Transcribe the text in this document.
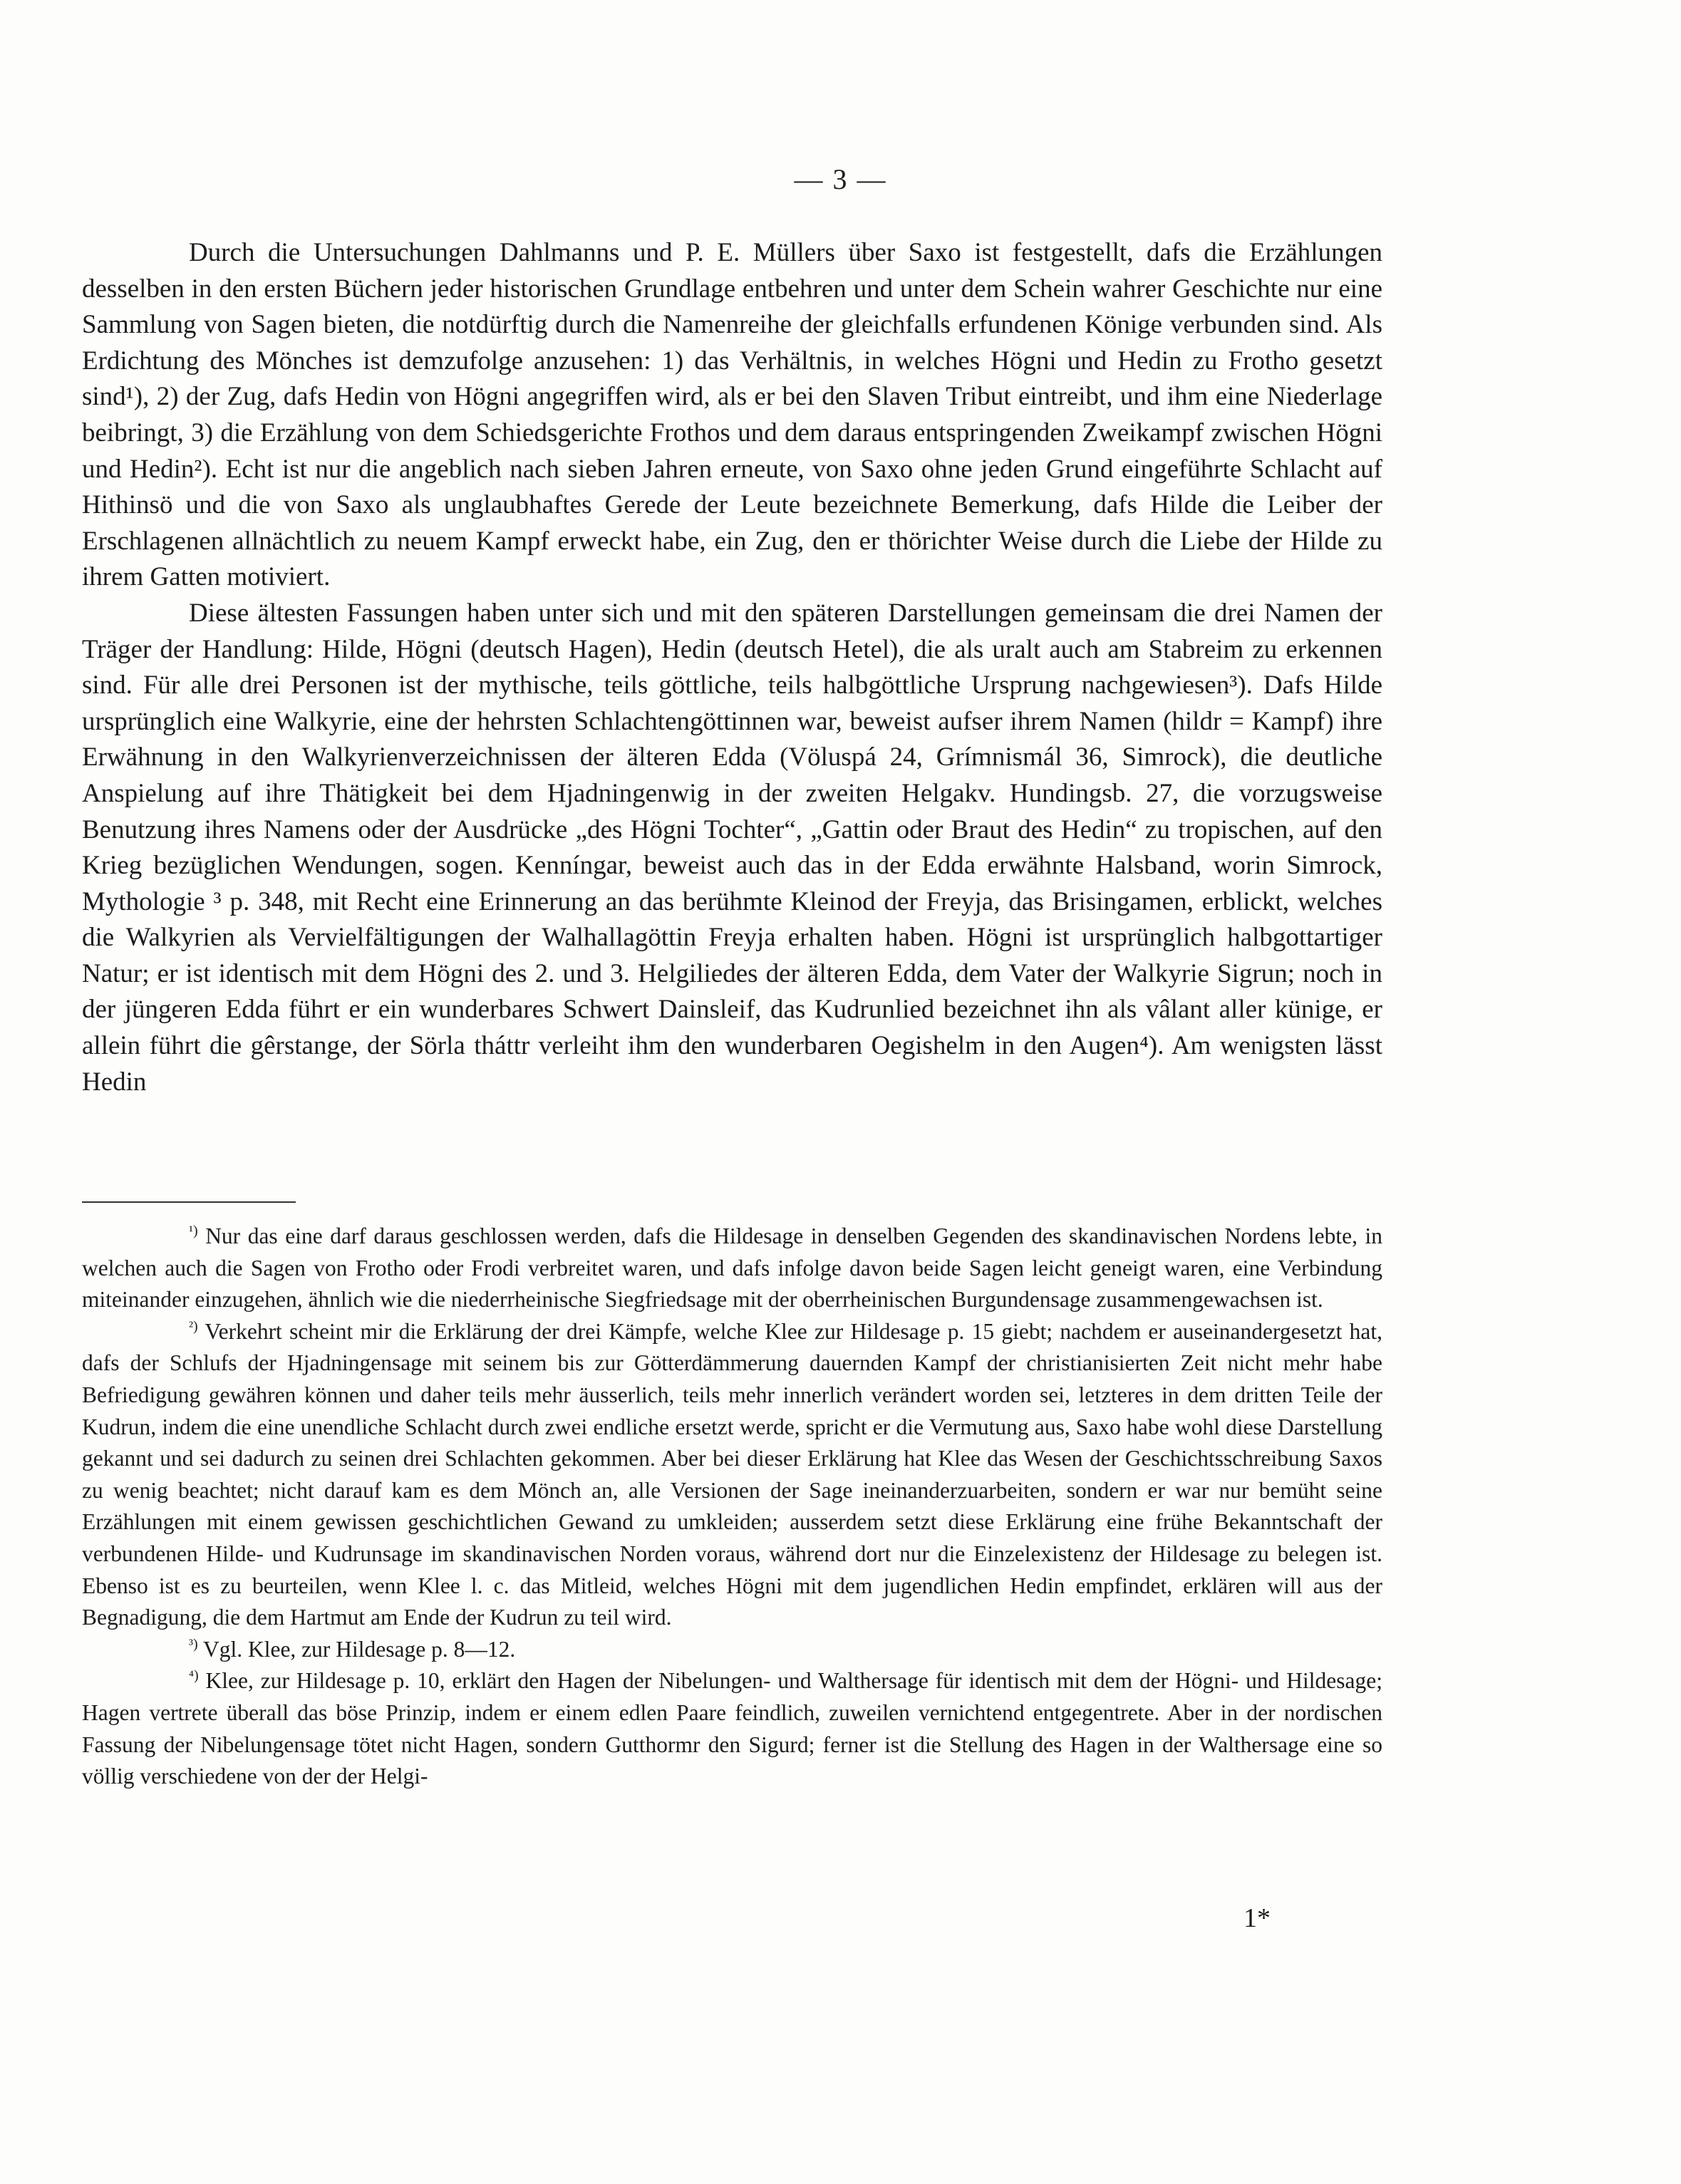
— 3 —

Durch die Untersuchungen Dahlmanns und P. E. Müllers über Saxo ist festgestellt, dafs die Erzählungen desselben in den ersten Büchern jeder historischen Grundlage entbehren und unter dem Schein wahrer Geschichte nur eine Sammlung von Sagen bieten, die notdürftig durch die Namenreihe der gleichfalls erfundenen Könige verbunden sind. Als Erdichtung des Mönches ist demzufolge anzusehen: 1) das Verhältnis, in welches Högni und Hedin zu Frotho gesetzt sind¹), 2) der Zug, dafs Hedin von Högni angegriffen wird, als er bei den Slaven Tribut eintreibt, und ihm eine Niederlage beibringt, 3) die Erzählung von dem Schiedsgerichte Frothos und dem daraus entspringenden Zweikampf zwischen Högni und Hedin²). Echt ist nur die angeblich nach sieben Jahren erneute, von Saxo ohne jeden Grund eingeführte Schlacht auf Hithinsö und die von Saxo als unglaubhaftes Gerede der Leute bezeichnete Bemerkung, dafs Hilde die Leiber der Erschlagenen allnächtlich zu neuem Kampf erweckt habe, ein Zug, den er thörichter Weise durch die Liebe der Hilde zu ihrem Gatten motiviert.

Diese ältesten Fassungen haben unter sich und mit den späteren Darstellungen gemeinsam die drei Namen der Träger der Handlung: Hilde, Högni (deutsch Hagen), Hedin (deutsch Hetel), die als uralt auch am Stabreim zu erkennen sind. Für alle drei Personen ist der mythische, teils göttliche, teils halbgöttliche Ursprung nachgewiesen³). Dafs Hilde ursprünglich eine Walkyrie, eine der hehrsten Schlachtengöttinnen war, beweist aufser ihrem Namen (hildr = Kampf) ihre Erwähnung in den Walkyrienverzeichnissen der älteren Edda (Völuspá 24, Grímnismál 36, Simrock), die deutliche Anspielung auf ihre Thätigkeit bei dem Hjadningenwig in der zweiten Helgakv. Hundingsb. 27, die vorzugsweise Benutzung ihres Namens oder der Ausdrücke „des Högni Tochter“, „Gattin oder Braut des Hedin“ zu tropischen, auf den Krieg bezüglichen Wendungen, sogen. Kenníngar, beweist auch das in der Edda erwähnte Halsband, worin Simrock, Mythologie ³ p. 348, mit Recht eine Erinnerung an das berühmte Kleinod der Freyja, das Brisingamen, erblickt, welches die Walkyrien als Vervielfältigungen der Walhallagöttin Freyja erhalten haben. Högni ist ursprünglich halbgottartiger Natur; er ist identisch mit dem Högni des 2. und 3. Helgiliedes der älteren Edda, dem Vater der Walkyrie Sigrun; noch in der jüngeren Edda führt er ein wunderbares Schwert Dainsleif, das Kudrunlied bezeichnet ihn als vâlant aller künige, er allein führt die gêrstange, der Sörla tháttr verleiht ihm den wunderbaren Oegishelm in den Augen⁴). Am wenigsten lässt Hedin

$^{^1)}$ Nur das eine darf daraus geschlossen werden, dafs die Hildesage in denselben Gegenden des skandinavischen Nordens lebte, in welchen auch die Sagen von Frotho oder Frodi verbreitet waren, und dafs infolge davon beide Sagen leicht geneigt waren, eine Verbindung miteinander einzugehen, ähnlich wie die niederrheinische Siegfriedsage mit der oberrheinischen Burgundensage zusammengewachsen ist.

$^{^2)}$ Verkehrt scheint mir die Erklärung der drei Kämpfe, welche Klee zur Hildesage p. 15 giebt; nachdem er auseinandergesetzt hat, dafs der Schlufs der Hjadningensage mit seinem bis zur Götterdämmerung dauernden Kampf der christianisierten Zeit nicht mehr habe Befriedigung gewähren können und daher teils mehr äusserlich, teils mehr innerlich verändert worden sei, letzteres in dem dritten Teile der Kudrun, indem die eine unendliche Schlacht durch zwei endliche ersetzt werde, spricht er die Vermutung aus, Saxo habe wohl diese Darstellung gekannt und sei dadurch zu seinen drei Schlachten gekommen. Aber bei dieser Erklärung hat Klee das Wesen der Geschichtsschreibung Saxos zu wenig beachtet; nicht darauf kam es dem Mönch an, alle Versionen der Sage ineinanderzuarbeiten, sondern er war nur bemüht seine Erzählungen mit einem gewissen geschichtlichen Gewand zu umkleiden; ausserdem setzt diese Erklärung eine frühe Bekanntschaft der verbundenen Hilde- und Kudrunsage im skandinavischen Norden voraus, während dort nur die Einzelexistenz der Hildesage zu belegen ist. Ebenso ist es zu beurteilen, wenn Klee l. c. das Mitleid, welches Högni mit dem jugendlichen Hedin empfindet, erklären will aus der Begnadigung, die dem Hartmut am Ende der Kudrun zu teil wird.

$^{^3)}$ Vgl. Klee, zur Hildesage p. 8—12.

$^{^4)}$ Klee, zur Hildesage p. 10, erklärt den Hagen der Nibelungen- und Walthersage für identisch mit dem der Högni- und Hildesage; Hagen vertrete überall das böse Prinzip, indem er einem edlen Paare feindlich, zuweilen vernichtend entgegentrete. Aber in der nordischen Fassung der Nibelungensage tötet nicht Hagen, sondern Gutthormr den Sigurd; ferner ist die Stellung des Hagen in der Walthersage eine so völlig verschiedene von der der Helgi-

1*
